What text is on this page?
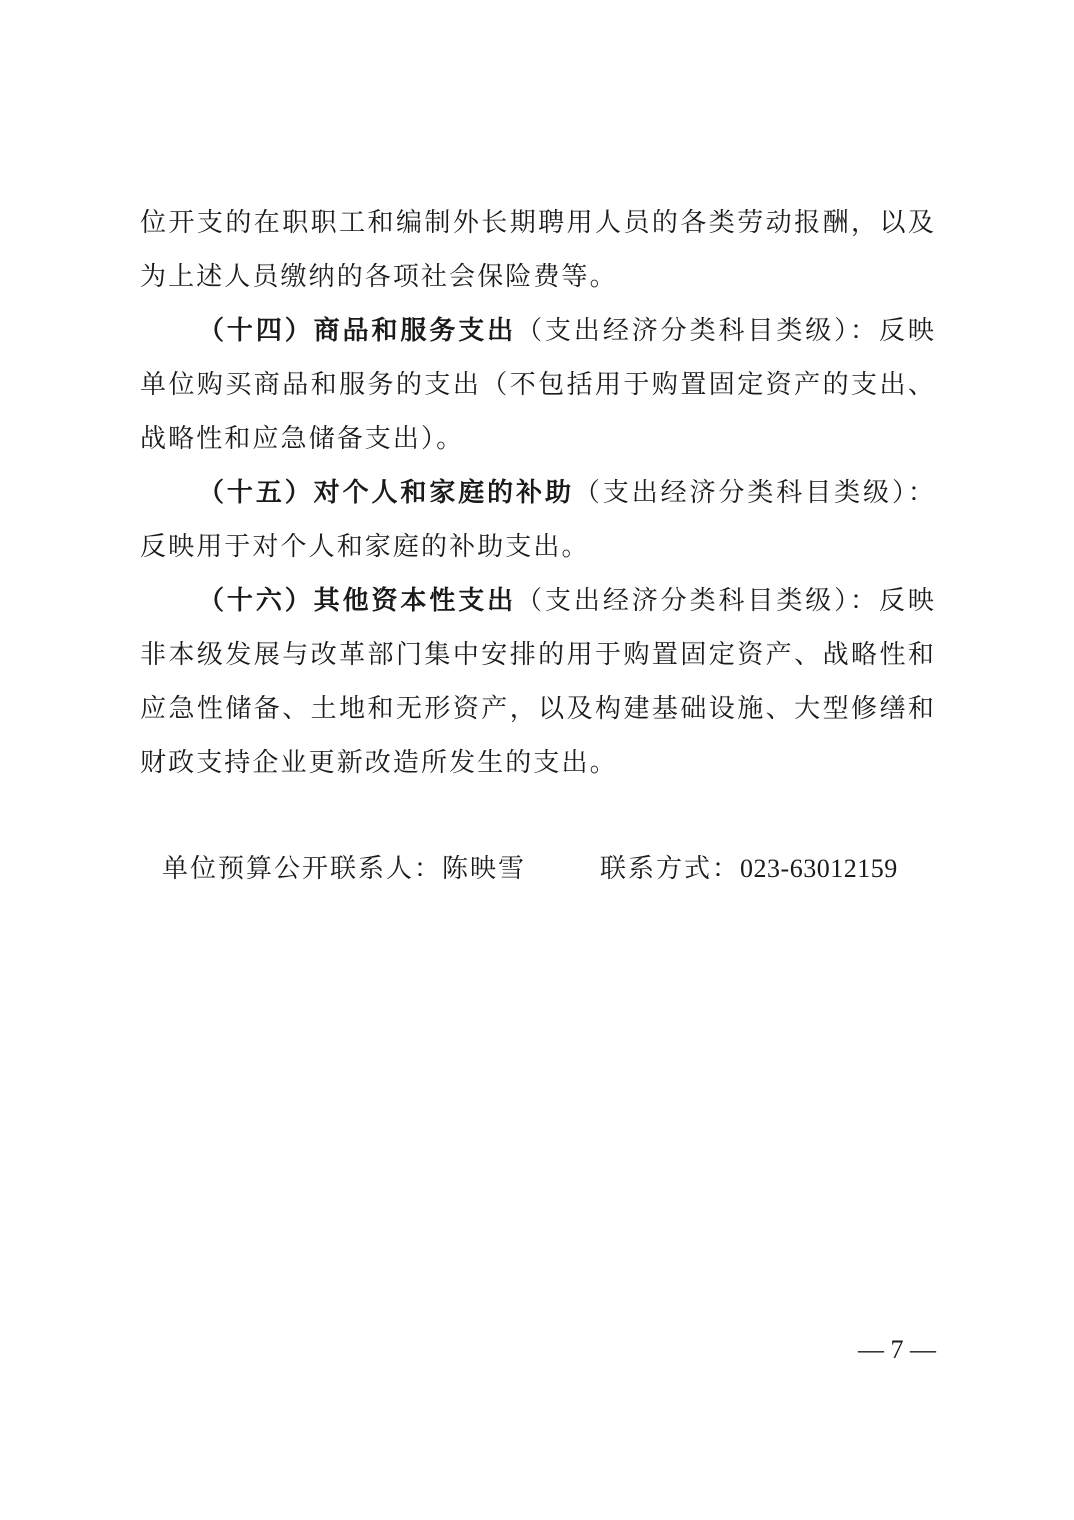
位开支的在职职工和编制外长期聘用人员的各类劳动报酬，以及为上述人员缴纳的各项社会保险费等。

（十四）商品和服务支出（支出经济分类科目类级）：反映单位购买商品和服务的支出（不包括用于购置固定资产的支出、战略性和应急储备支出）。

（十五）对个人和家庭的补助（支出经济分类科目类级）：反映用于对个人和家庭的补助支出。

（十六）其他资本性支出（支出经济分类科目类级）：反映非本级发展与改革部门集中安排的用于购置固定资产、战略性和应急性储备、土地和无形资产，以及构建基础设施、大型修缮和财政支持企业更新改造所发生的支出。

单位预算公开联系人：陈映雪	联系方式：023-63012159
— 7 —
